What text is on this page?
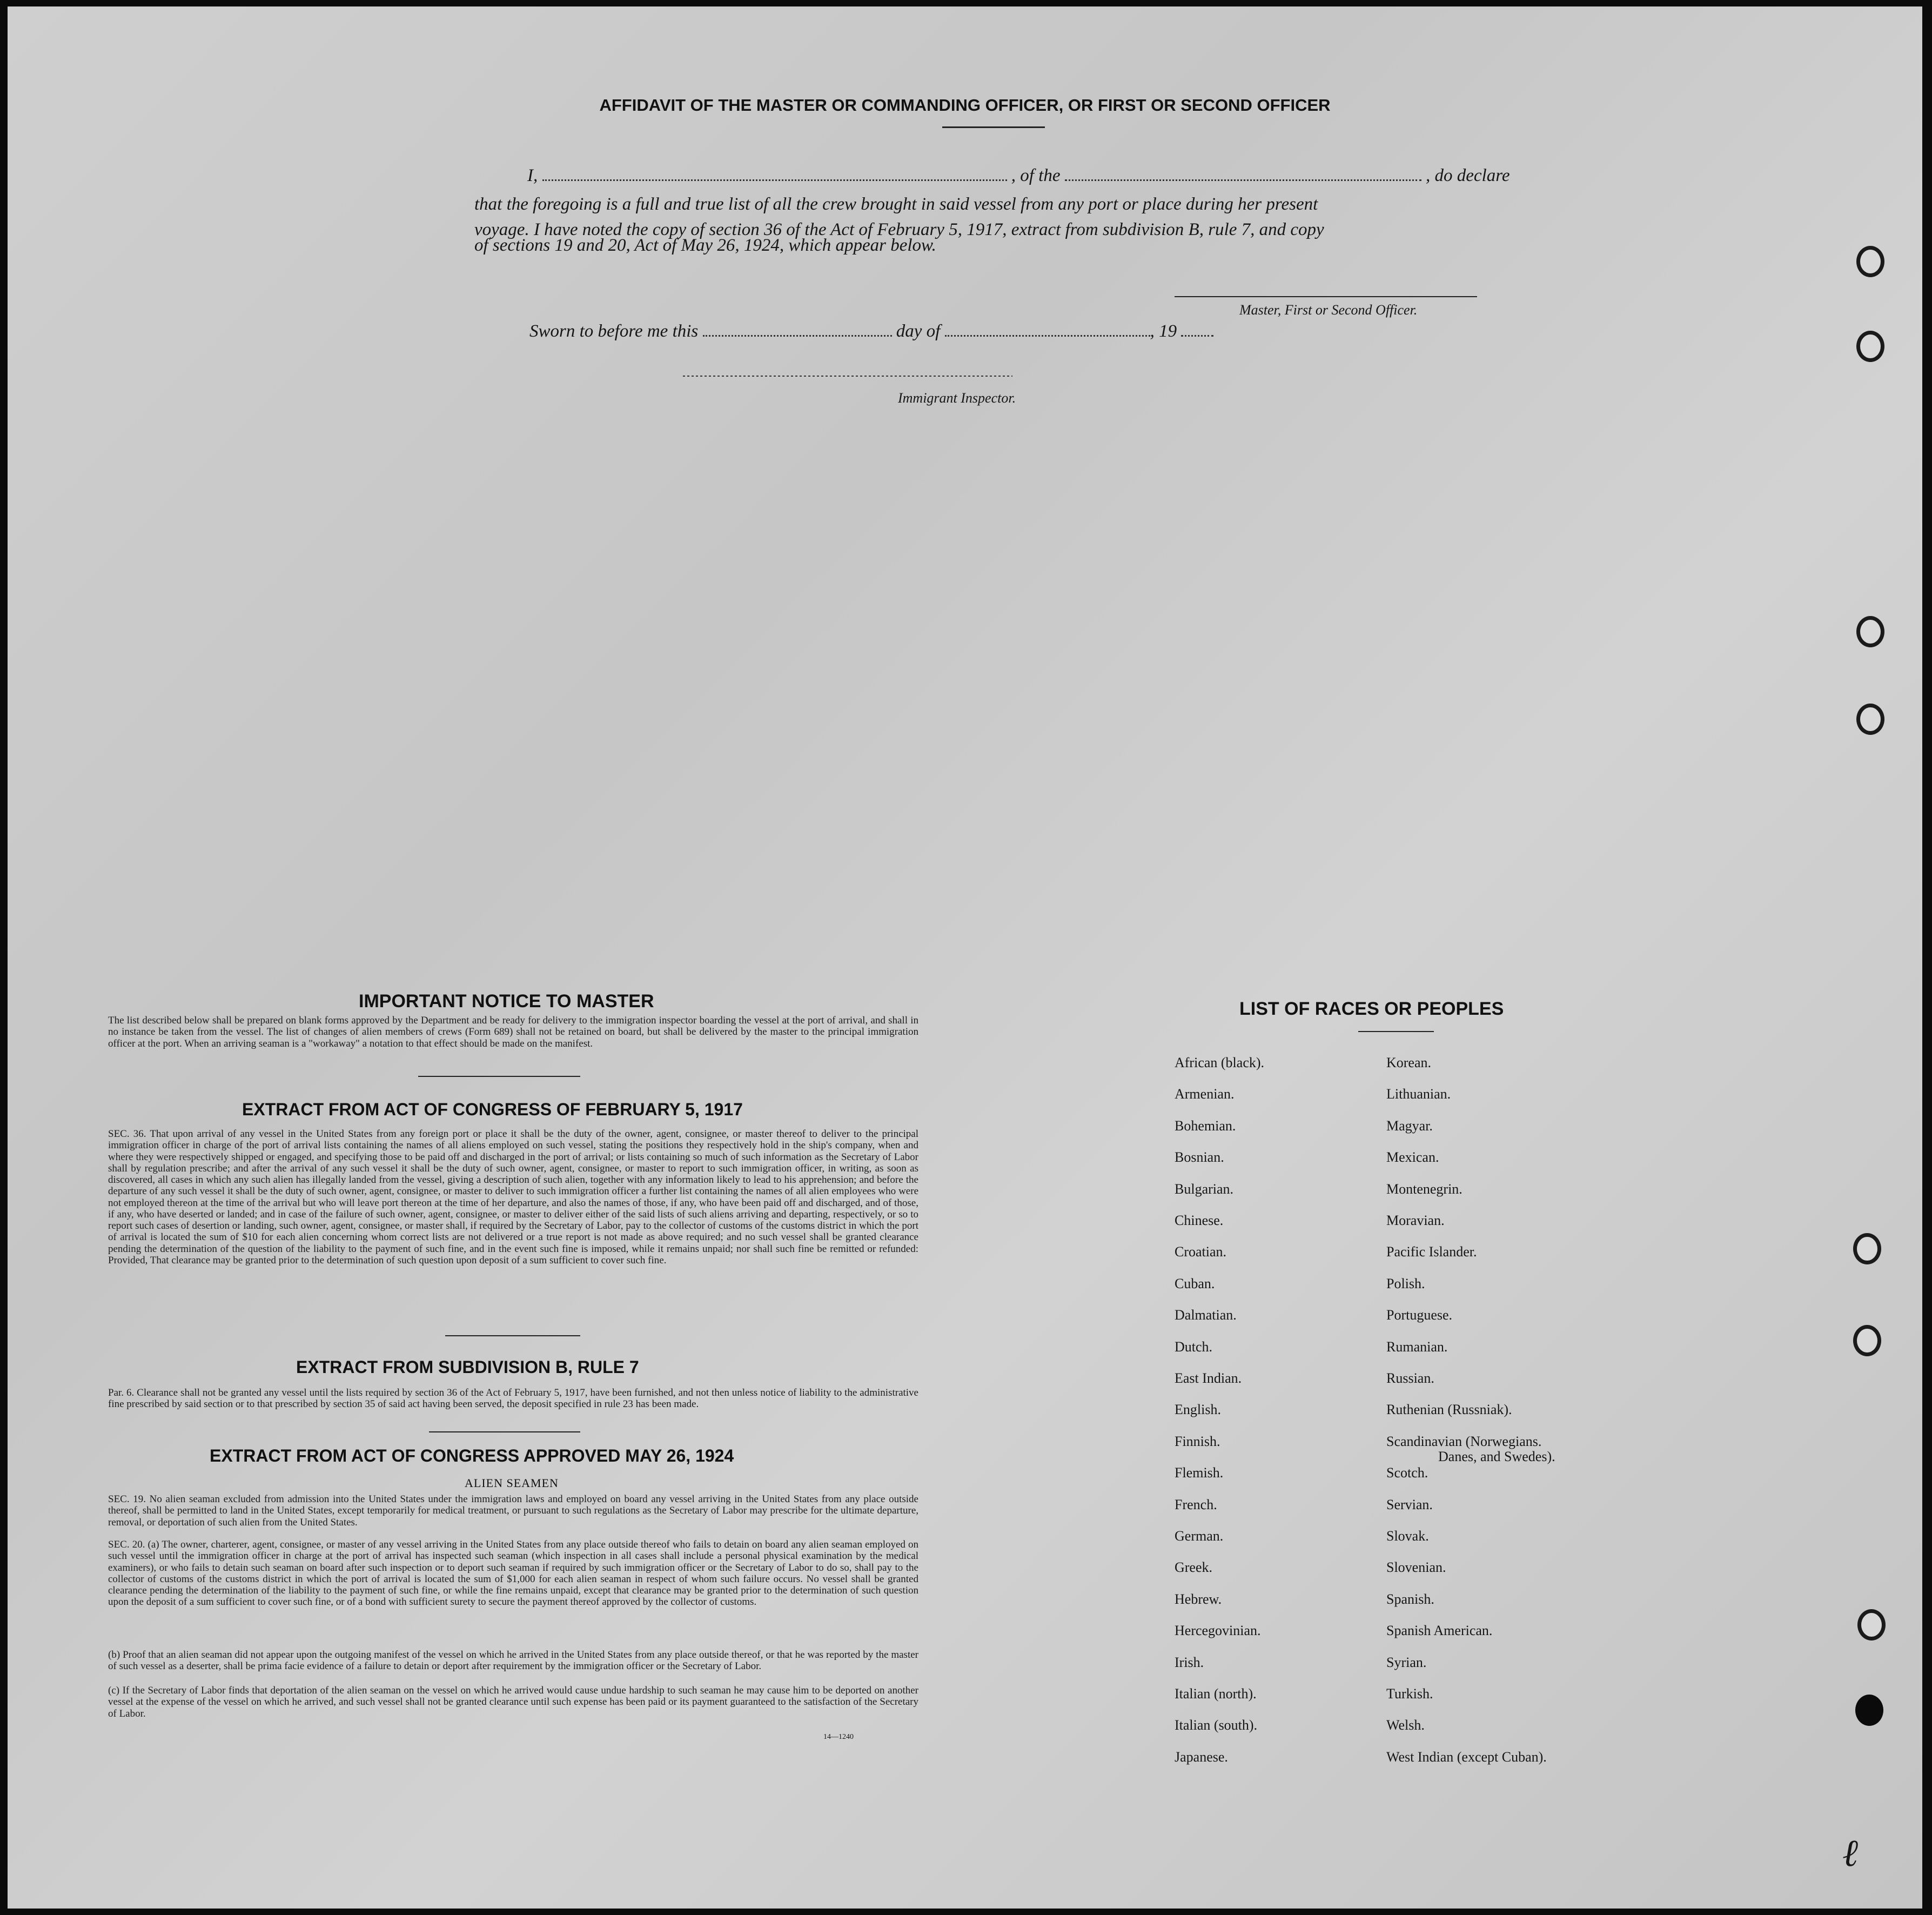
AFFIDAVIT OF THE MASTER OR COMMANDING OFFICER, OR FIRST OR SECOND OFFICER
I,	, of the	, do declare
that the foregoing is a full and true list of all the crew brought in said vessel from any port or place during her present
voyage. I have noted the copy of section 36 of the Act of February 5, 1917, extract from subdivision B, rule 7, and copy
of sections 19 and 20, Act of May 26, 1924, which appear below.
Master, First or Second Officer.
Sworn to before me this	day of	, 19
Immigrant Inspector.
IMPORTANT NOTICE TO MASTER
The list described below shall be prepared on blank forms approved by the Department and be ready for delivery to the immigration inspector boarding the vessel at the port of arrival, and shall in no instance be taken from the vessel. The list of changes of alien members of crews (Form 689) shall not be retained on board, but shall be delivered by the master to the principal immigration officer at the port. When an arriving seaman is a "workaway" a notation to that effect should be made on the manifest.
EXTRACT FROM ACT OF CONGRESS OF FEBRUARY 5, 1917
SEC. 36. That upon arrival of any vessel in the United States from any foreign port or place it shall be the duty of the owner, agent, consignee, or master thereof to deliver to the principal immigration officer in charge of the port of arrival lists containing the names of all aliens employed on such vessel, stating the positions they respectively hold in the ship's company, when and where they were respectively shipped or engaged, and specifying those to be paid off and discharged in the port of arrival; or lists containing so much of such information as the Secretary of Labor shall by regulation prescribe; and after the arrival of any such vessel it shall be the duty of such owner, agent, consignee, or master to report to such immigration officer, in writing, as soon as discovered, all cases in which any such alien has illegally landed from the vessel, giving a description of such alien, together with any information likely to lead to his apprehension; and before the departure of any such vessel it shall be the duty of such owner, agent, consignee, or master to deliver to such immigration officer a further list containing the names of all alien employees who were not employed thereon at the time of the arrival but who will leave port thereon at the time of her departure, and also the names of those, if any, who have been paid off and discharged, and of those, if any, who have deserted or landed; and in case of the failure of such owner, agent, consignee, or master to deliver either of the said lists of such aliens arriving and departing, respectively, or so to report such cases of desertion or landing, such owner, agent, consignee, or master shall, if required by the Secretary of Labor, pay to the collector of customs of the customs district in which the port of arrival is located the sum of $10 for each alien concerning whom correct lists are not delivered or a true report is not made as above required; and no such vessel shall be granted clearance pending the determination of the question of the liability to the payment of such fine, and in the event such fine is imposed, while it remains unpaid; nor shall such fine be remitted or refunded: Provided, That clearance may be granted prior to the determination of such question upon deposit of a sum sufficient to cover such fine.
EXTRACT FROM SUBDIVISION B, RULE 7
Par. 6. Clearance shall not be granted any vessel until the lists required by section 36 of the Act of February 5, 1917, have been furnished, and not then unless notice of liability to the administrative fine prescribed by said section or to that prescribed by section 35 of said act having been served, the deposit specified in rule 23 has been made.
EXTRACT FROM ACT OF CONGRESS APPROVED MAY 26, 1924
ALIEN SEAMEN
SEC. 19. No alien seaman excluded from admission into the United States under the immigration laws and employed on board any vessel arriving in the United States from any place outside thereof, shall be permitted to land in the United States, except temporarily for medical treatment, or pursuant to such regulations as the Secretary of Labor may prescribe for the ultimate departure, removal, or deportation of such alien from the United States.
SEC. 20. (a) The owner, charterer, agent, consignee, or master of any vessel arriving in the United States from any place outside thereof who fails to detain on board any alien seaman employed on such vessel until the immigration officer in charge at the port of arrival has inspected such seaman (which inspection in all cases shall include a personal physical examination by the medical examiners), or who fails to detain such seaman on board after such inspection or to deport such seaman if required by such immigration officer or the Secretary of Labor to do so, shall pay to the collector of customs of the customs district in which the port of arrival is located the sum of $1,000 for each alien seaman in respect of whom such failure occurs. No vessel shall be granted clearance pending the determination of the liability to the payment of such fine, or while the fine remains unpaid, except that clearance may be granted prior to the determination of such question upon the deposit of a sum sufficient to cover such fine, or of a bond with sufficient surety to secure the payment thereof approved by the collector of customs.
(b) Proof that an alien seaman did not appear upon the outgoing manifest of the vessel on which he arrived in the United States from any place outside thereof, or that he was reported by the master of such vessel as a deserter, shall be prima facie evidence of a failure to detain or deport after requirement by the immigration officer or the Secretary of Labor.
(c) If the Secretary of Labor finds that deportation of the alien seaman on the vessel on which he arrived would cause undue hardship to such seaman he may cause him to be deported on another vessel at the expense of the vessel on which he arrived, and such vessel shall not be granted clearance until such expense has been paid or its payment guaranteed to the satisfaction of the Secretary of Labor.
14—1240
LIST OF RACES OR PEOPLES
African (black).
Armenian.
Bohemian.
Bosnian.
Bulgarian.
Chinese.
Croatian.
Cuban.
Dalmatian.
Dutch.
East Indian.
English.
Finnish.
Flemish.
French.
German.
Greek.
Hebrew.
Hercegovinian.
Irish.
Italian (north).
Italian (south).
Japanese.
Korean.
Lithuanian.
Magyar.
Mexican.
Montenegrin.
Moravian.
Pacific Islander.
Polish.
Portuguese.
Rumanian.
Russian.
Ruthenian (Russniak).
Scandinavian (Norwegians.
Danes, and Swedes).
Scotch.
Servian.
Slovak.
Slovenian.
Spanish.
Spanish American.
Syrian.
Turkish.
Welsh.
West Indian (except Cuban).
ℓ
